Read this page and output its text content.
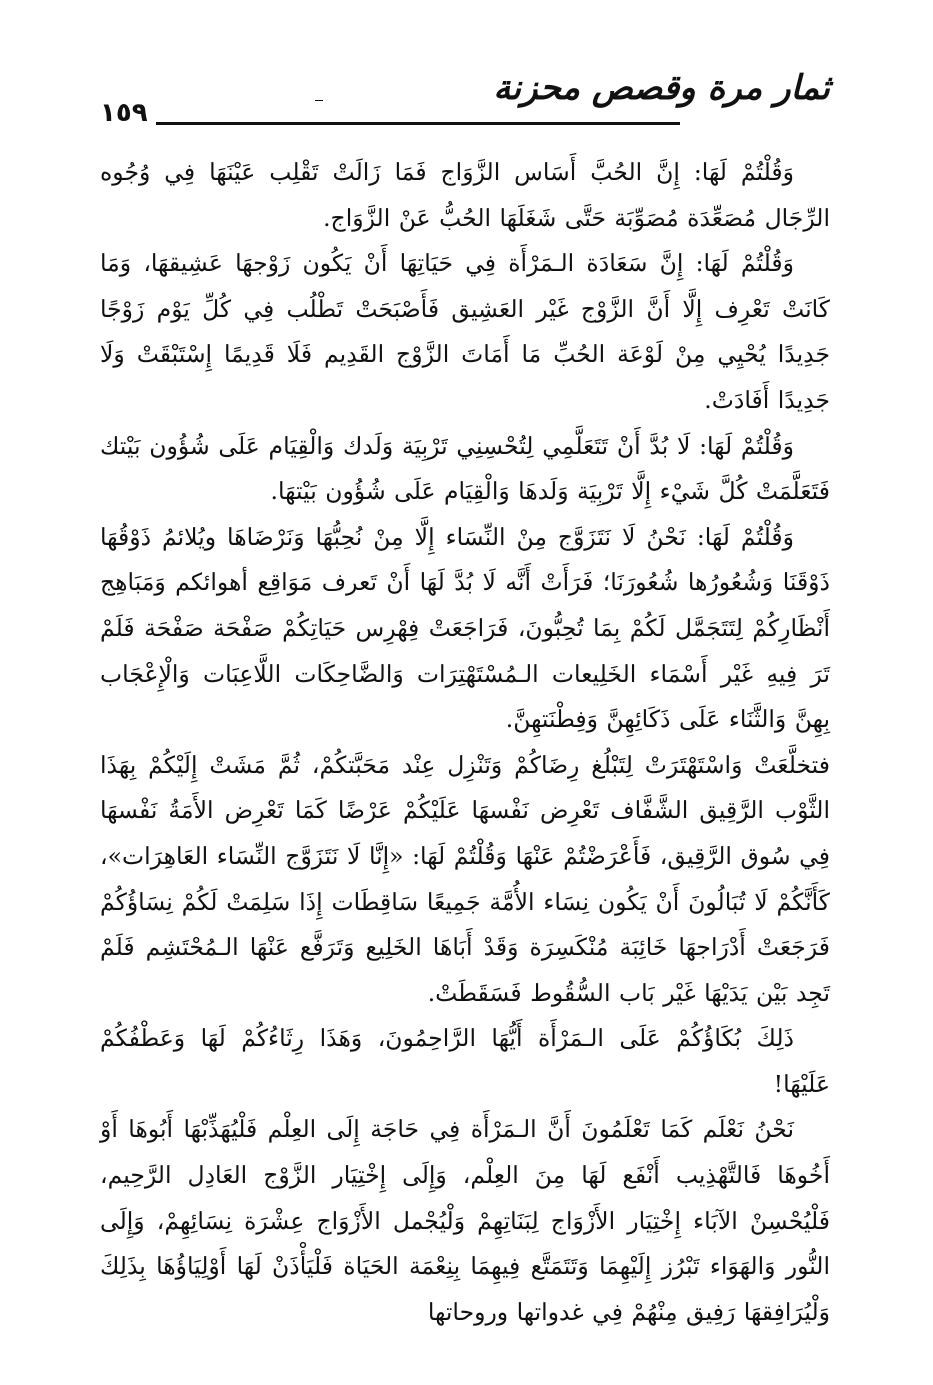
ثمار مرة وقصص محزنة
١٥٩

وَقُلْتُمْ لَهَا: إِنَّ الحُبَّ أَسَاس الزَّوَاج فَمَا زَالَتْ تَقْلِب عَيْنَهَا فِي وُجُوه الرِّجَال مُصَعِّدَة مُصَوِّبَة حَتَّى شَغَلَهَا الحُبُّ عَنْ الزَّوَاج.

وَقُلْتُمْ لَهَا: إِنَّ سَعَادَة الـمَرْأَة فِي حَيَاتِهَا أَنْ يَكُون زَوْجهَا عَشِيقهَا، وَمَا كَانَتْ تَعْرِف إِلَّا أَنَّ الزَّوْج غَيْر العَشِيق فَأَصْبَحَتْ تَطْلُب فِي كُلِّ يَوْم زَوْجًا جَدِيدًا يُحْيِي مِنْ لَوْعَة الحُبِّ مَا أَمَاتَ الزَّوْج القَدِيم فَلَا قَدِيمًا إِسْتَبْقَتْ وَلَا جَدِيدًا أَفَادَتْ.

وَقُلْتُمْ لَهَا: لَا بُدَّ أَنْ تَتَعَلَّمِي لِتُحْسِنِي تَرْبِيَة وَلَدك وَالْقِيَام عَلَى شُؤُون بَيْتك فَتَعَلَّمَتْ كُلَّ شَيْء إِلَّا تَرْبِيَة وَلَدهَا وَالْقِيَام عَلَى شُؤُون بَيْتهَا.

وَقُلْتُمْ لَهَا: نَحْنُ لَا نَتَزَوَّج مِنْ النِّسَاء إِلَّا مِنْ نُحِبُّهَا وَنَرْضَاهَا ويُلائمُ ذَوْقُهَا ذَوْقَنَا وَشُعُورُها شُعُورَنَا؛ فَرَأَتْ أَنَّه لَا بُدَّ لَهَا أَنْ تَعرف مَوَاقِع أهوائكم وَمَبَاهِج أَنْظَارِكُمْ لِتَتَجَمَّل لَكُمْ بِمَا تُحِبُّونَ، فَرَاجَعَتْ فِهْرِس حَيَاتِكُمْ صَفْحَة صَفْحَة فَلَمْ تَرَ فِيهِ غَيْر أَسْمَاء الخَلِيعات الـمُسْتَهْتِرَات وَالضَّاحِكَات اللَّاعِبَات وَالْإِعْجَاب بِهِنَّ وَالثَّنَاء عَلَى ذَكَائِهِنَّ وَفِطْنَتهِنَّ.

فتخلَّعَتْ وَاسْتَهْتَرَتْ لِتَبْلُغ رِضَاكُمْ وَتَنْزِل عِنْد مَحَبَّتكُمْ، ثُمَّ مَشَتْ إِلَيْكُمْ بِهَذَا الثَّوْب الرَّقِيق الشَّفَّاف تَعْرِض نَفْسهَا عَلَيْكُمْ عَرْضًا كَمَا تَعْرِض الأَمَةُ نَفْسهَا فِي سُوق الرَّقِيق، فَأَعْرَضْتُمْ عَنْهَا وَقُلْتُمْ لَهَا: «إِنَّا لَا نَتَزَوَّج النِّسَاء العَاهِرَات»، كَأَنَّكُمْ لَا تُبَالُونَ أَنْ يَكُون نِسَاء الأُمَّة جَمِيعًا سَاقِطَات إِذَا سَلِمَتْ لَكُمْ نِسَاؤُكُمْ فَرَجَعَتْ أَدْرَاجهَا خَائِبَة مُنْكَسِرَة وَقَدْ أَبَاهَا الخَلِيع وَتَرَفَّع عَنْهَا الـمُحْتَشِم فَلَمْ تَجِد بَيْن يَدَيْهَا غَيْر بَاب السُّقُوط فَسَقَطَتْ.

ذَلِكَ بُكَاؤُكُمْ عَلَى الـمَرْأَة أَيُّهَا الرَّاحِمُونَ، وَهَذَا رِثَاءُكُمْ لَهَا وَعَطْفُكُمْ عَلَيْهَا!

نَحْنُ نَعْلَم كَمَا تَعْلَمُونَ أَنَّ الـمَرْأَة فِي حَاجَة إِلَى العِلْم فَلْيُهَذِّبْهَا أَبُوهَا أَوْ أَخُوهَا فَالتَّهْذِيب أَنْفَع لَهَا مِنَ العِلْم، وَإِلَى إِخْتِيَار الزَّوْج العَادِل الرَّحِيم، فَلْيُحْسِنْ الآبَاء إِخْتِيَار الأَزْوَاج لِبَنَاتِهِمْ وَلْيُجْمل الأَزْوَاج عِشْرَة نِسَائِهِمْ، وَإِلَى النُّور وَالهَوَاء تَبْرُز إِلَيْهِمَا وَتَتَمَتَّع فِيهِمَا بِنِعْمَة الحَيَاة فَلْيَأْذَنْ لَهَا أَوْلِيَاؤُهَا بِذَلِكَ وَلْيُرَافِقهَا رَفِيق مِنْهُمْ فِي غدواتها وروحاتها
